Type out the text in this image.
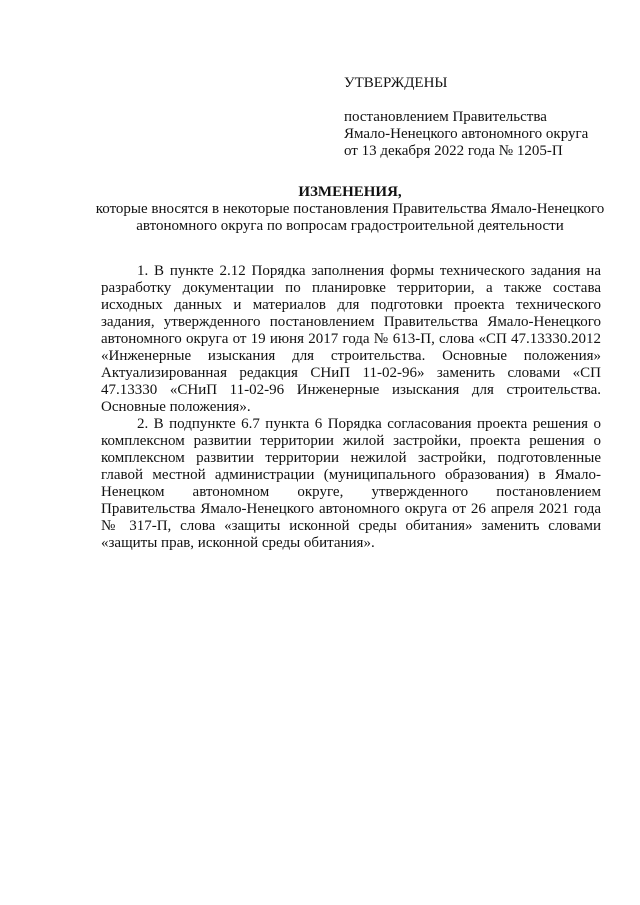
УТВЕРЖДЕНЫ

постановлением Правительства

Ямало-Ненецкого автономного округа

от 13 декабря 2022 года № 1205-П

ИЗМЕНЕНИЯ,

которые вносятся в некоторые постановления Правительства Ямало-Ненецкого

автономного округа по вопросам градостроительной деятельности

1. В пункте 2.12 Порядка заполнения формы технического задания на разработку документации по планировке территории, а также состава исходных данных и материалов для подготовки проекта технического задания, утвержденного постановлением Правительства Ямало-Ненецкого автономного округа от 19 июня 2017 года № 613-П, слова «СП 47.13330.2012 «Инженерные изыскания для строительства. Основные положения» Актуализированная редакция СНиП 11-02-96» заменить словами «СП 47.13330 «СНиП 11-02-96 Инженерные изыскания для строительства. Основные положения».

2. В подпункте 6.7 пункта 6 Порядка согласования проекта решения о комплексном развитии территории жилой застройки, проекта решения о комплексном развитии территории нежилой застройки, подготовленные главой местной администрации (муниципального образования) в Ямало-Ненецком автономном округе, утвержденного постановлением Правительства Ямало-Ненецкого автономного округа от 26 апреля 2021 года № 317-П, слова «защиты исконной среды обитания» заменить словами «защиты прав, исконной среды обитания».
